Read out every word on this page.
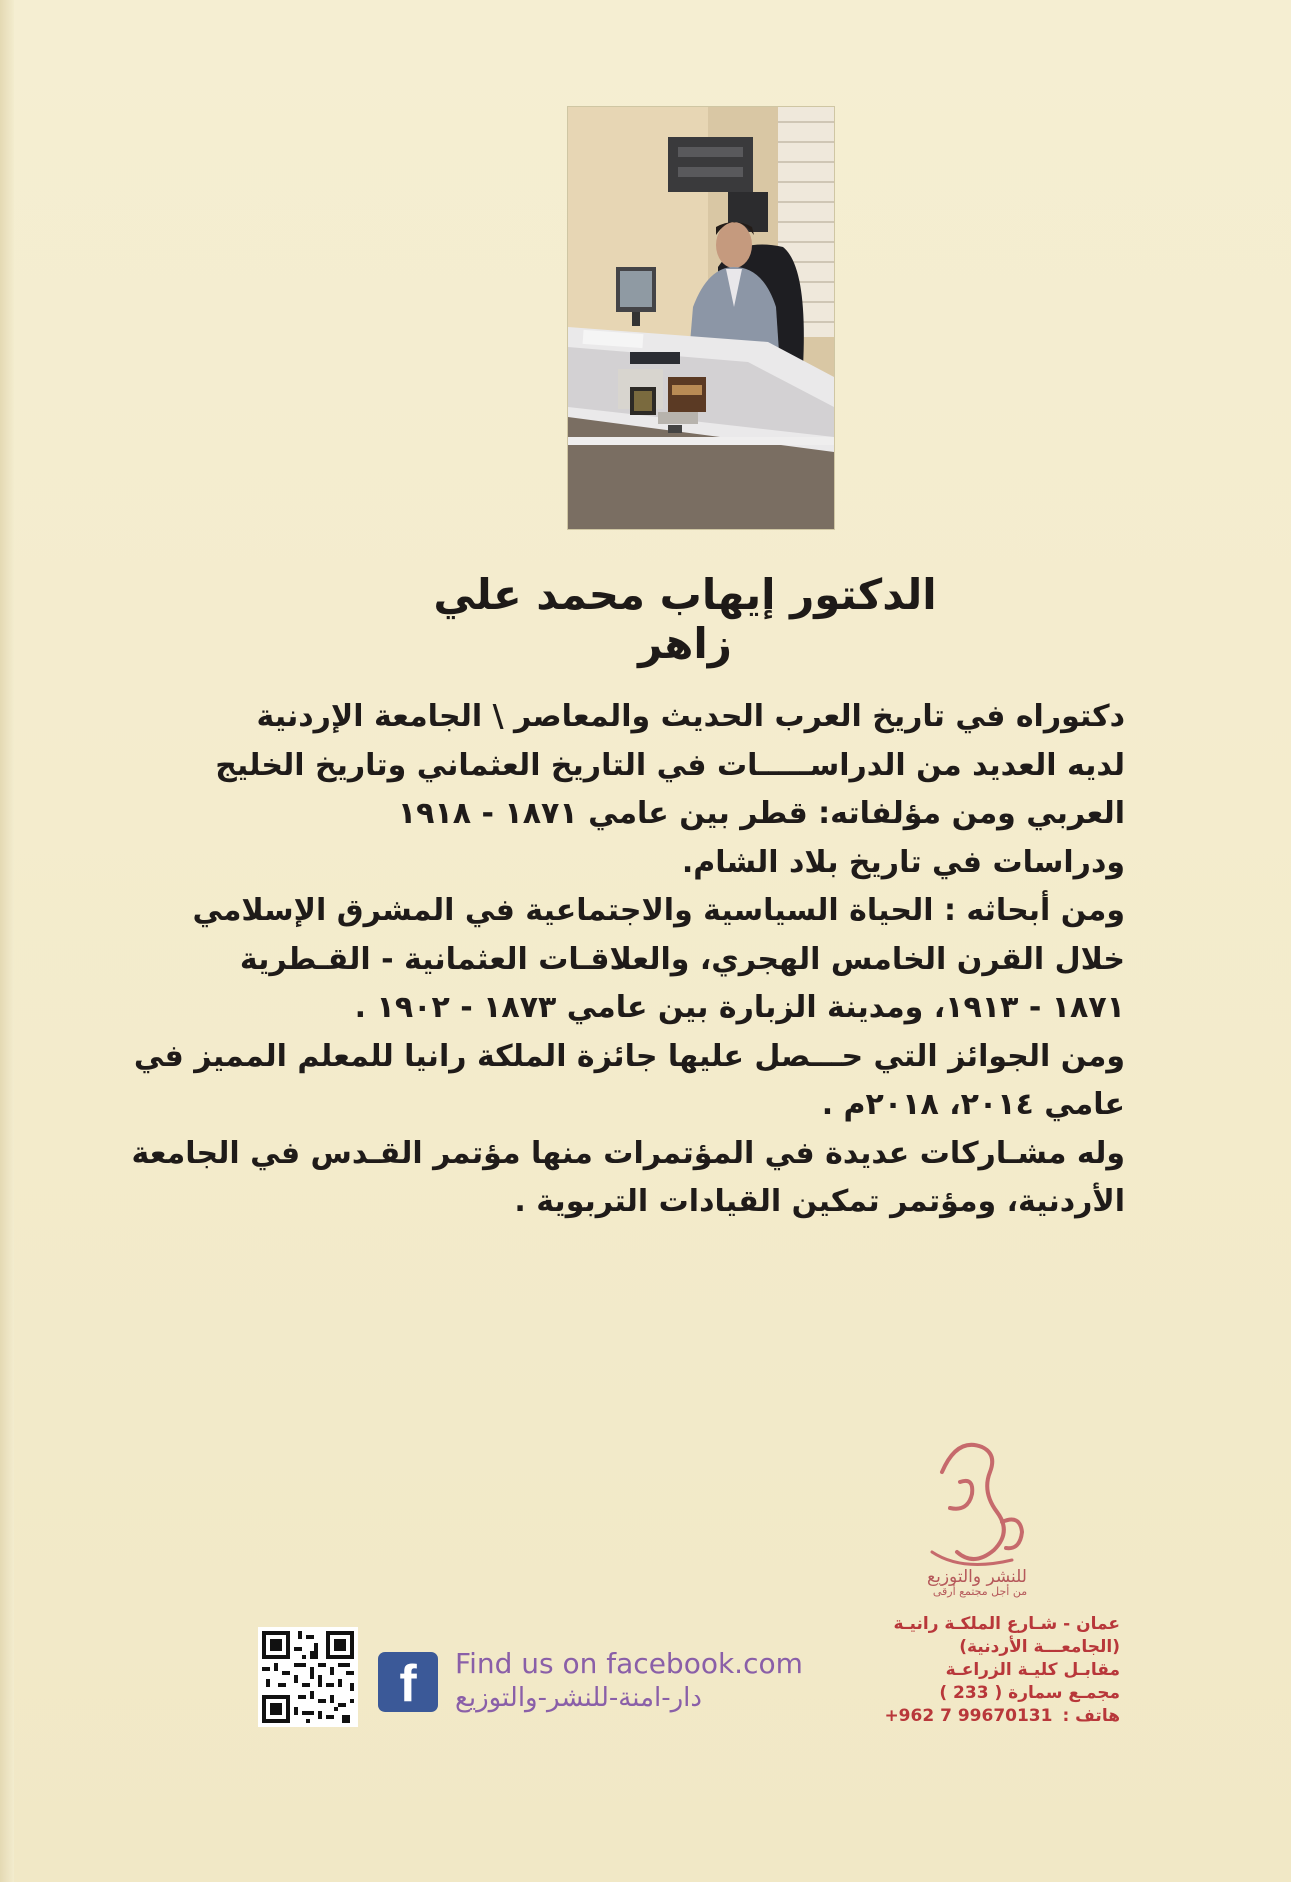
الدكتور إيهاب محمد علي زاهر
دكتوراه في تاريخ العرب الحديث والمعاصر \ الجامعة الإردنية
لديه العديد من الدراســـــات في التاريخ العثماني وتاريخ الخليج
العربي ومن مؤلفاته: قطر بين عامي ١٨٧١ - ١٩١٨
ودراسات في تاريخ بلاد الشام.
ومن أبحاثه : الحياة السياسية والاجتماعية في المشرق الإسلامي
خلال القرن الخامس الهجري، والعلاقـات العثمانية - القـطرية
١٨٧١ - ١٩١٣، ومدينة الزبارة بين عامي ١٨٧٣ - ١٩٠٢ .
ومن الجوائز التي حـــصل عليها جائزة الملكة رانيا للمعلم المميز في
عامي ٢٠١٤، ٢٠١٨م .
وله مشـاركات عديدة في المؤتمرات منها مؤتمر القـدس في الجامعة
الأردنية، ومؤتمر تمكين القيادات التربوية .
للنشر والتوزيع
من أجل مجتمع أرقى
عمان - شـارع الملكـة رانيـة
(الجامعـــة الأردنية)
مقابـل كليـة الزراعـة
مجمـع سمارة ( 233 )
+962 7 99670131 هاتف :
f Find us on facebook.com
دار-امنة-للنشر-والتوزيع
